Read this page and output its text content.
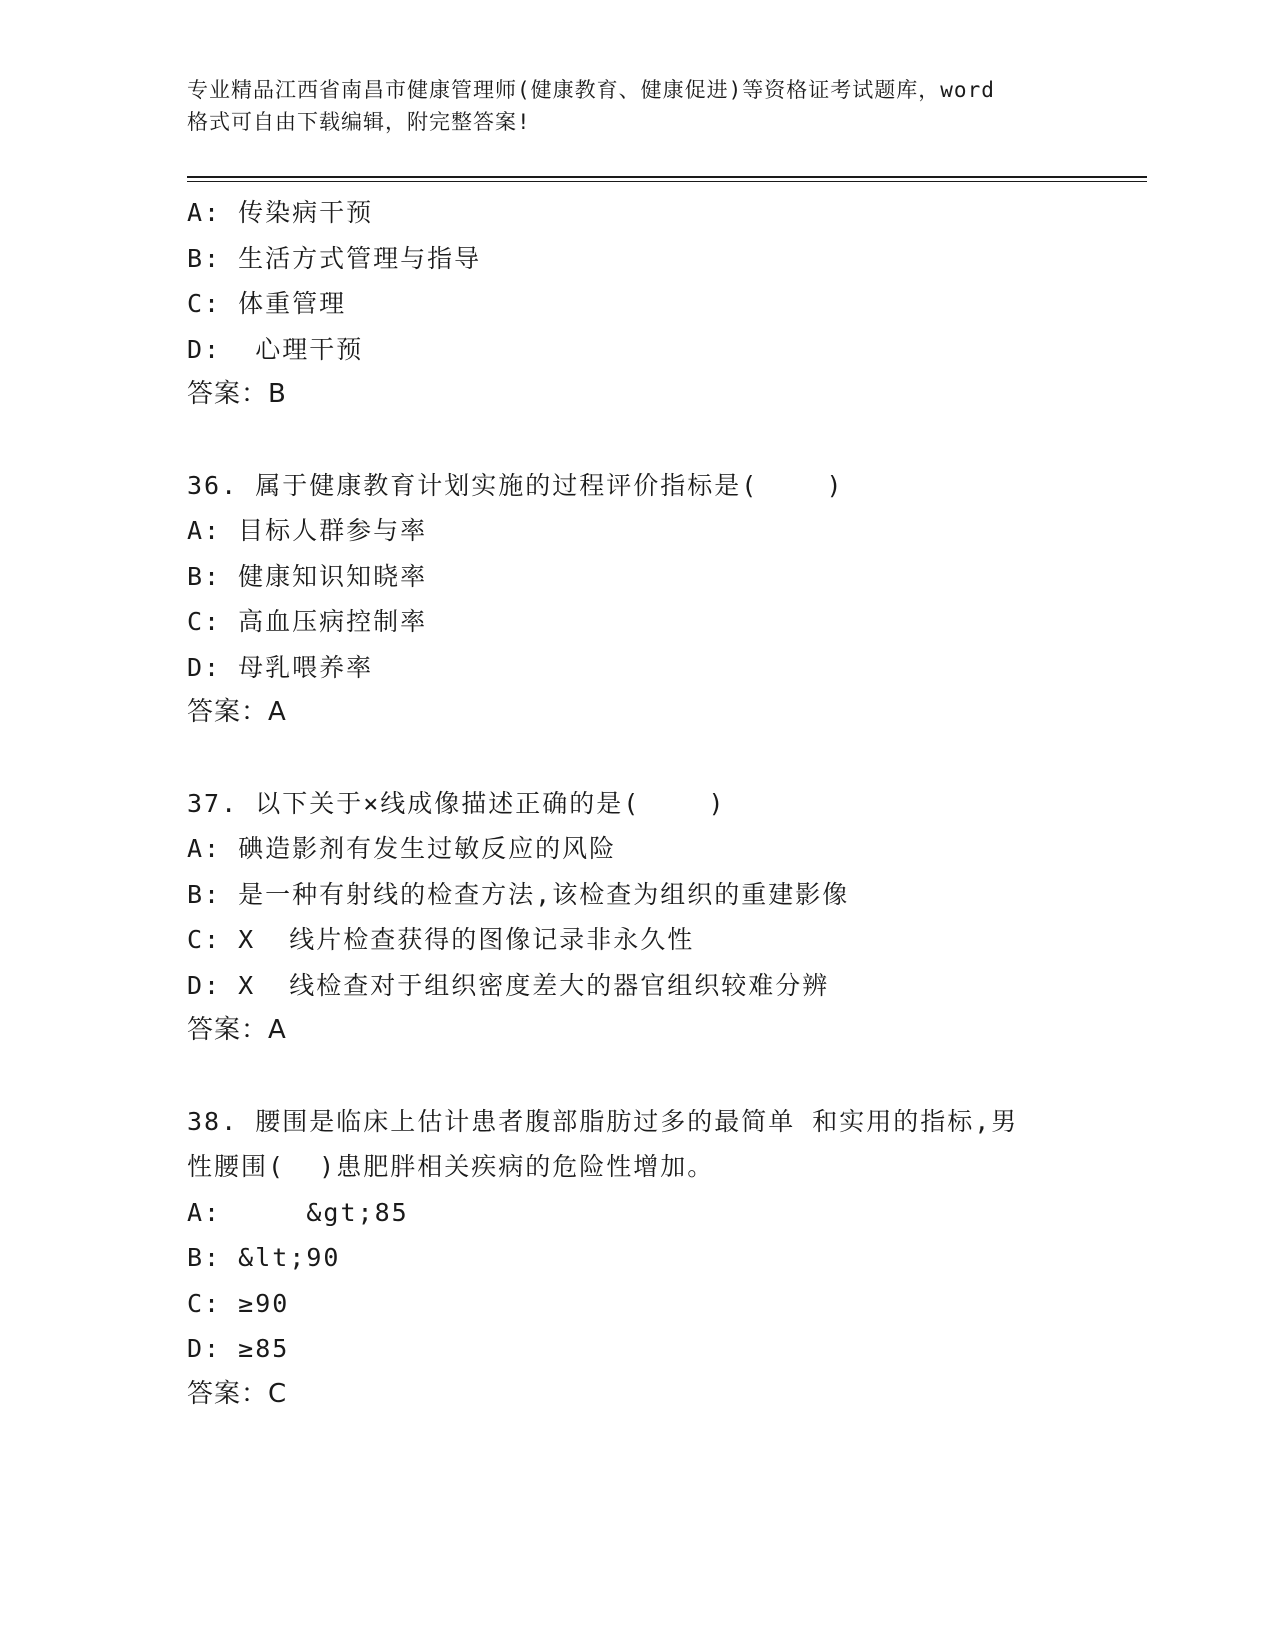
专业精品江西省南昌市健康管理师(健康教育、健康促进)等资格证考试题库，word
格式可自由下载编辑，附完整答案!
A: 传染病干预
B: 生活方式管理与指导
C: 体重管理
D:  心理干预
答案：B
36. 属于健康教育计划实施的过程评价指标是(    )
A: 目标人群参与率
B: 健康知识知晓率
C: 高血压病控制率
D: 母乳喂养率
答案：A
37. 以下关于×线成像描述正确的是(    )
A: 碘造影剂有发生过敏反应的风险
B: 是一种有射线的检查方法,该检查为组织的重建影像
C: X  线片检查获得的图像记录非永久性
D: X  线检查对于组织密度差大的器官组织较难分辨
答案：A
38. 腰围是临床上估计患者腹部脂肪过多的最简单 和实用的指标,男
性腰围(  )患肥胖相关疾病的危险性增加。
A:     &gt;85
B: &lt;90
C: ≥90
D: ≥85
答案：C
